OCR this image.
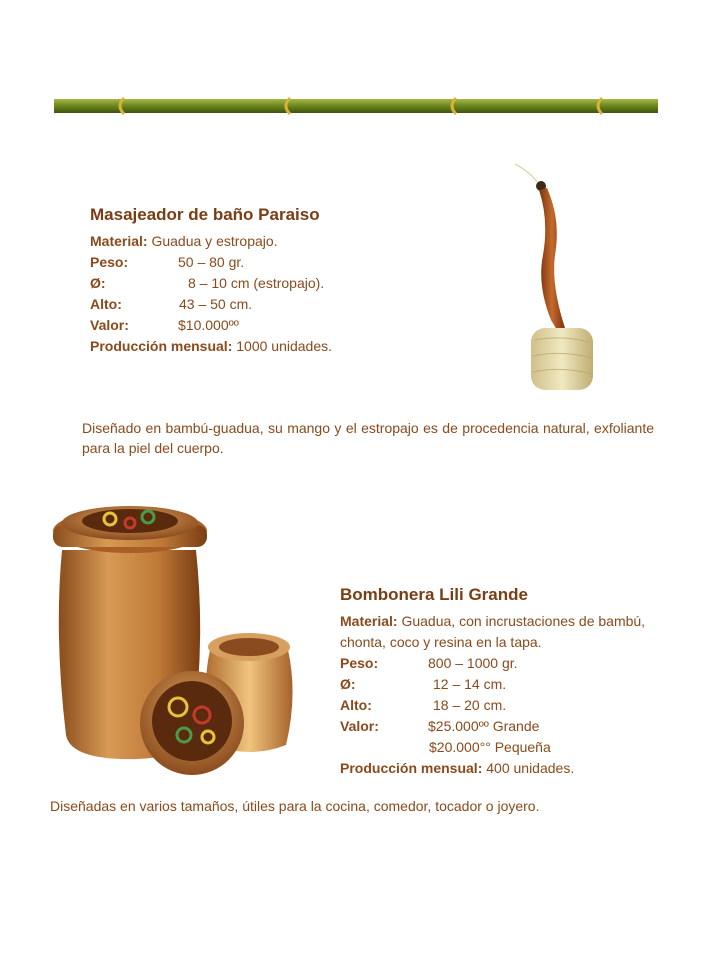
Masajeador de baño Paraiso
Material: Guadua y estropajo.
Peso:	50 – 80 gr.
Ø:	8 – 10 cm (estropajo).
Alto:	43 – 50 cm.
Valor:	$10.000ºº
Producción mensual: 1000 unidades.
Diseñado en bambú-guadua, su mango y el estropajo es de procedencia natural, exfoliante para la piel del cuerpo.
Bombonera Lili Grande
Material: Guadua, con incrustaciones de bambú, chonta, coco y resina en la tapa.
Peso:	800 – 1000 gr.
Ø:	12 – 14 cm.
Alto:	18 – 20 cm.
Valor:	$25.000ºº Grande
$20.000°° Pequeña
Producción mensual: 400 unidades.
Diseñadas en varios tamaños, útiles para la cocina, comedor, tocador o joyero.
